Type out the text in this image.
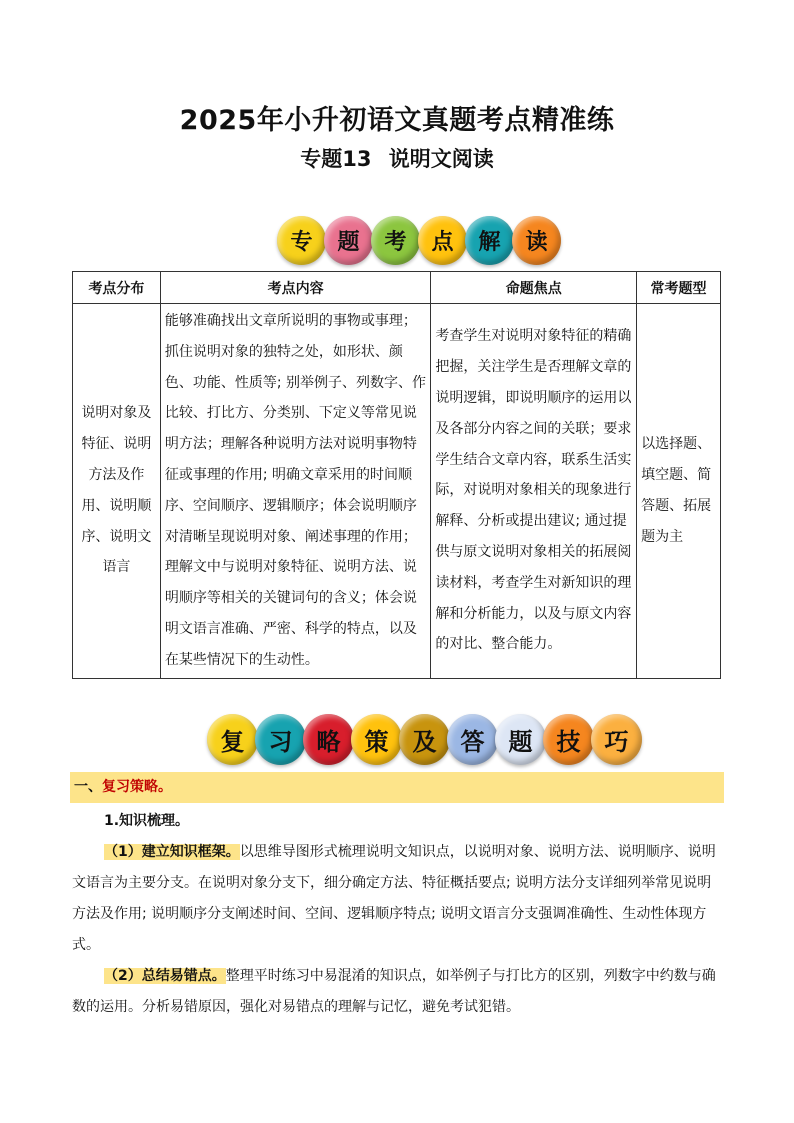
2025年小升初语文真题考点精准练
专题13 说明文阅读
专	题	考	点	解	读
考点分布	考点内容	命题焦点	常考题型
说明对象及特征、说明方法及作用、说明顺序、说明文语言	能够准确找出文章所说明的事物或事理；抓住说明对象的独特之处，如形状、颜色、功能、性质等; 别举例子、列数字、作比较、打比方、分类别、下定义等常见说明方法；理解各种说明方法对说明事物特征或事理的作用; 明确文章采用的时间顺序、空间顺序、逻辑顺序；体会说明顺序对清晰呈现说明对象、阐述事理的作用；理解文中与说明对象特征、说明方法、说明顺序等相关的关键词句的含义；体会说明文语言准确、严密、科学的特点，以及在某些情况下的生动性。	考查学生对说明对象特征的精确把握，关注学生是否理解文章的说明逻辑，即说明顺序的运用以及各部分内容之间的关联；要求学生结合文章内容，联系生活实际，对说明对象相关的现象进行解释、分析或提出建议; 通过提供与原文说明对象相关的拓展阅读材料，考查学生对新知识的理解和分析能力，以及与原文内容的对比、整合能力。	以选择题、填空题、简答题、拓展题为主
复	习	略	策	及	答	题	技	巧
一、复习策略。
1.知识梳理。
（1）建立知识框架。以思维导图形式梳理说明文知识点，以说明对象、说明方法、说明顺序、说明文语言为主要分支。在说明对象分支下，细分确定方法、特征概括要点; 说明方法分支详细列举常见说明方法及作用; 说明顺序分支阐述时间、空间、逻辑顺序特点; 说明文语言分支强调准确性、生动性体现方式。
（2）总结易错点。整理平时练习中易混淆的知识点，如举例子与打比方的区别，列数字中约数与确数的运用。分析易错原因，强化对易错点的理解与记忆，避免考试犯错。
